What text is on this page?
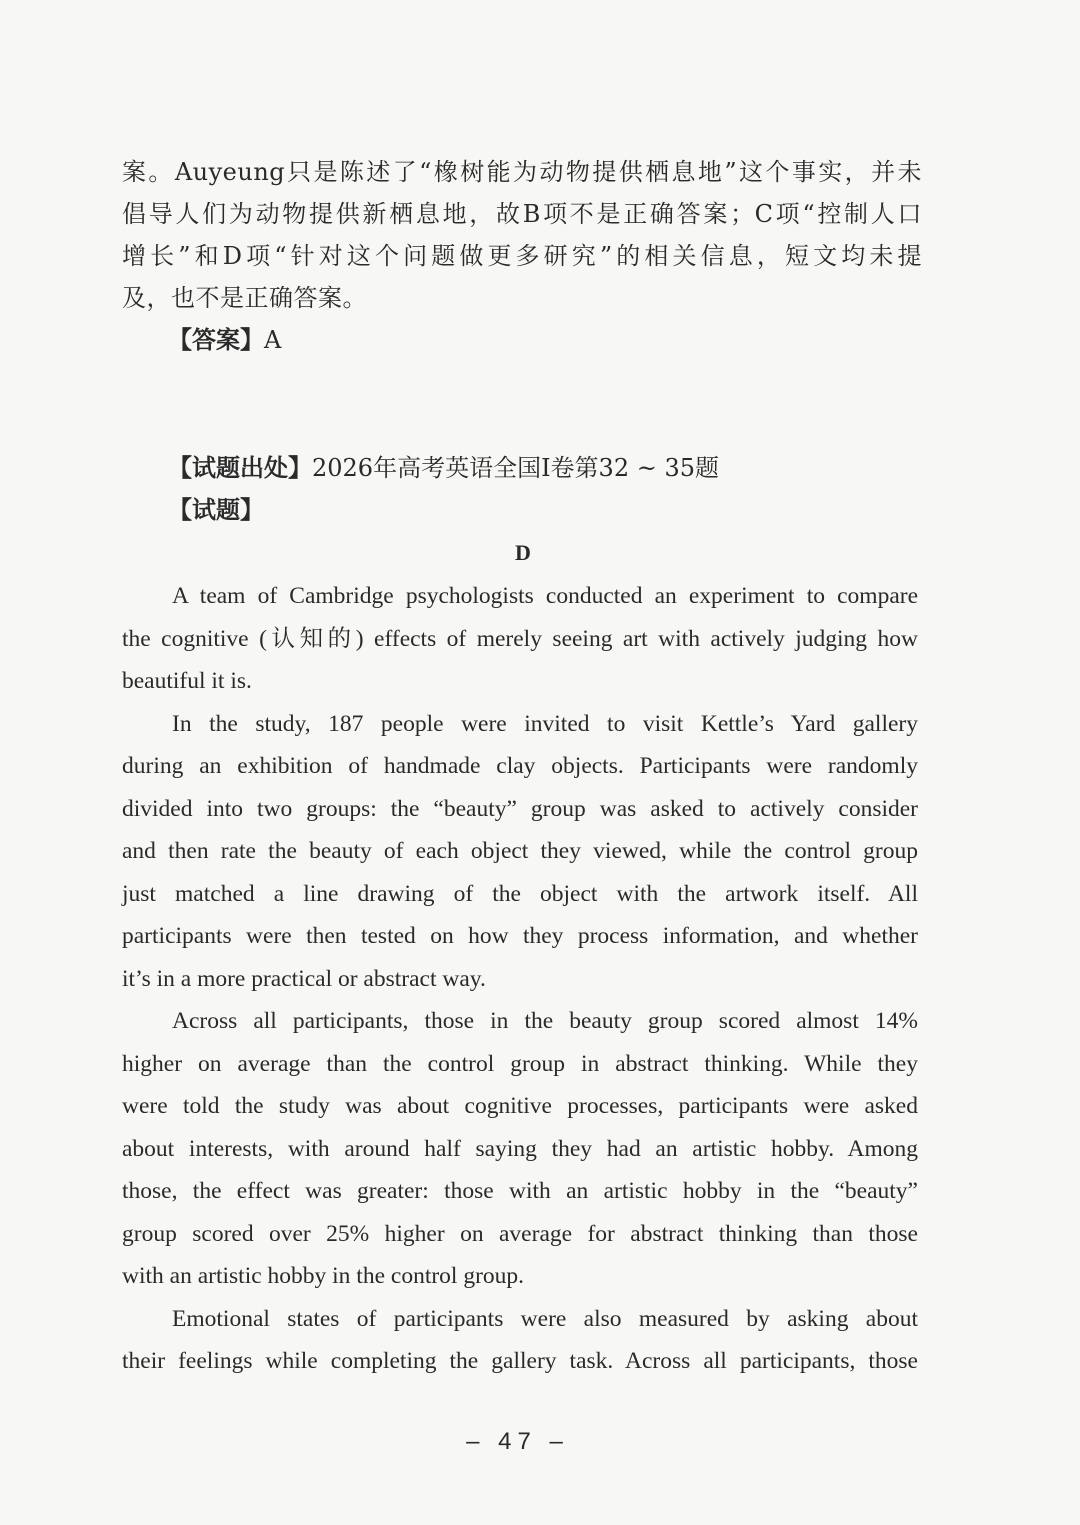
案。Auyeung只是陈述了“橡树能为动物提供栖息地”这个事实，并未
倡导人们为动物提供新栖息地，故B项不是正确答案；C项“控制人口
增长”和D项“针对这个问题做更多研究”的相关信息，短文均未提
及，也不是正确答案。

【答案】A

【试题出处】2026年高考英语全国I卷第32 ~ 35题

【试题】

D

A team of Cambridge psychologists conducted an experiment to compare
the cognitive (认知的) effects of merely seeing art with actively judging how
beautiful it is.

In the study, 187 people were invited to visit Kettle’s Yard gallery
during an exhibition of handmade clay objects. Participants were randomly
divided into two groups: the “beauty” group was asked to actively consider
and then rate the beauty of each object they viewed, while the control group
just matched a line drawing of the object with the artwork itself. All
participants were then tested on how they process information, and whether
it’s in a more practical or abstract way.

Across all participants, those in the beauty group scored almost 14%
higher on average than the control group in abstract thinking. While they
were told the study was about cognitive processes, participants were asked
about interests, with around half saying they had an artistic hobby. Among
those, the effect was greater: those with an artistic hobby in the “beauty”
group scored over 25% higher on average for abstract thinking than those
with an artistic hobby in the control group.

Emotional states of participants were also measured by asking about
their feelings while completing the gallery task. Across all participants, those

– 47 –
